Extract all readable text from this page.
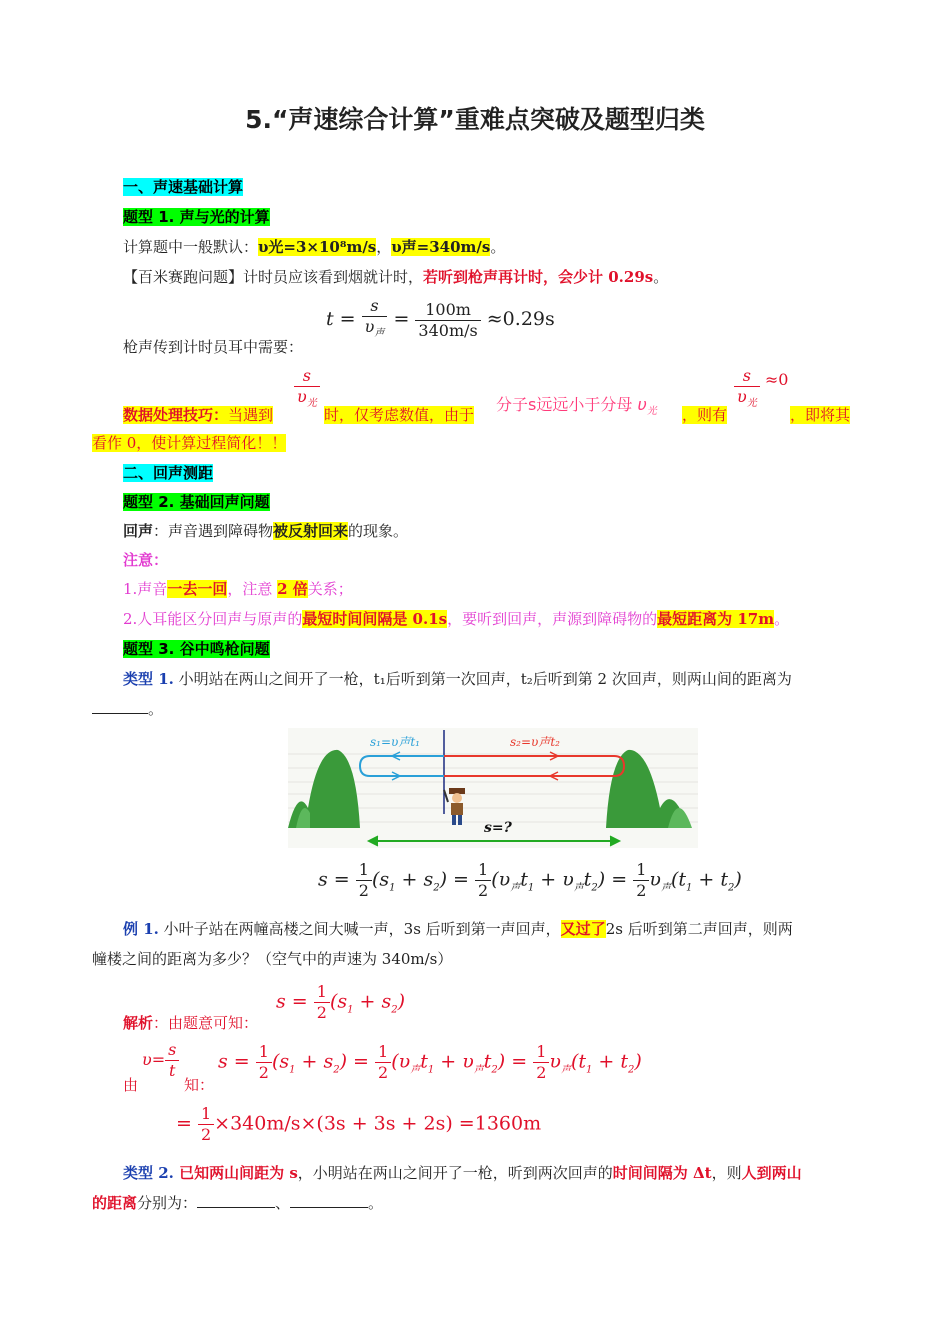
5.“声速综合计算”重难点突破及题型归类
一、声速基础计算
题型 1. 声与光的计算
计算题中一般默认：υ光=3×10⁸m/s，υ声=340m/s。
【百米赛跑问题】计时员应该看到烟就计时，若听到枪声再计时，会少计 0.29s。
枪声传到计时员耳中需要：
$t = \frac{s}{\upsilon_声} = \frac{100m}{340m/s} \approx 0.29s$
数据处理技巧：当遇到
$\frac{s}{\upsilon_光}$
时，仅考虑数值，由于
分子s远远小于分母 $\upsilon_光$ ，则有
$\frac{s}{\upsilon_光} \approx 0$
，即将其
看作 0，使计算过程简化！！
二、回声测距
题型 2. 基础回声问题
回声：声音遇到障碍物被反射回来的现象。
注意：
1.声音一去一回，注意 2 倍关系；
2.人耳能区分回声与原声的最短时间间隔是 0.1s，要听到回声，声源到障碍物的最短距离为 17m。
题型 3. 谷中鸣枪问题
类型 1. 小明站在两山之间开了一枪，t₁后听到第一次回声，t₂后听到第 2 次回声，则两山间的距离为
。
s₁=υ声t₁	s₂=υ声t₂
s=?
$s = \frac{1}{2} (s_1 + s_2) = \frac{1}{2} (\upsilon_声t_1 + \upsilon_声t_2) = \frac{1}{2} \upsilon_声(t_1 + t_2)$
例 1. 小叶子站在两幢高楼之间大喊一声，3s 后听到第一声回声，又过了2s 后听到第二声回声，则两
幢楼之间的距离为多少？（空气中的声速为 340m/s）
$s = \frac{1}{2} (s_1 + s_2)$
解析：由题意可知：
由
$\upsilon= \frac{s}{t}$
知：
$s = \frac{1}{2} (s_1 + s_2) = \frac{1}{2} (\upsilon_声t_1 + \upsilon_声t_2) = \frac{1}{2} \upsilon_声(t_1 + t_2)$
= $\frac{1}{2} \times 340m/s\times(3s + 3s + 2s) =1360m$
类型 2. 已知两山间距为 s，小明站在两山之间开了一枪，听到两次回声的时间间隔为 Δt，则人到两山
的距离分别为：	、	。
